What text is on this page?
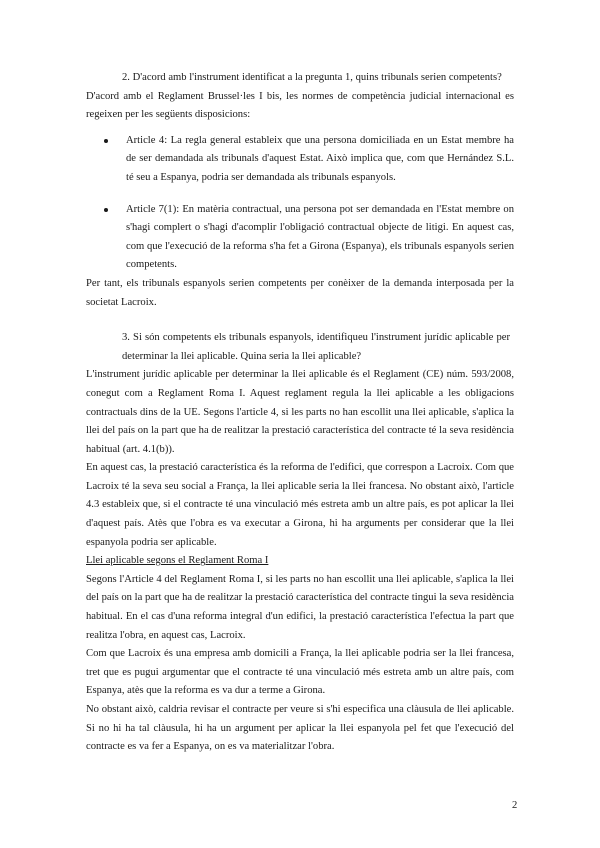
2. D'acord amb l'instrument identificat a la pregunta 1, quins tribunals serien competents?

D'acord amb el Reglament Brussel·les I bis, les normes de competència judicial internacional es regeixen per les següents disposicions:

Article 4: La regla general estableix que una persona domiciliada en un Estat membre ha de ser demandada als tribunals d'aquest Estat. Això implica que, com que Hernández S.L. té seu a Espanya, podria ser demandada als tribunals espanyols.
Article 7(1): En matèria contractual, una persona pot ser demandada en l'Estat membre on s'hagi complert o s'hagi d'acomplir l'obligació contractual objecte de litigi. En aquest cas, com que l'execució de la reforma s'ha fet a Girona (Espanya), els tribunals espanyols serien competents.

Per tant, els tribunals espanyols serien competents per conèixer de la demanda interposada per la societat Lacroix.

3. Si són competents els tribunals espanyols, identifiqueu l'instrument jurídic aplicable per determinar la llei aplicable. Quina seria la llei aplicable?

L'instrument jurídic aplicable per determinar la llei aplicable és el Reglament (CE) núm. 593/2008, conegut com a Reglament Roma I. Aquest reglament regula la llei aplicable a les obligacions contractuals dins de la UE. Segons l'article 4, si les parts no han escollit una llei aplicable, s'aplica la llei del país on la part que ha de realitzar la prestació característica del contracte té la seva residència habitual (art. 4.1(b)).

En aquest cas, la prestació característica és la reforma de l'edifici, que correspon a Lacroix. Com que Lacroix té la seva seu social a França, la llei aplicable seria la llei francesa. No obstant això, l'article 4.3 estableix que, si el contracte té una vinculació més estreta amb un altre país, es pot aplicar la llei d'aquest país. Atès que l'obra es va executar a Girona, hi ha arguments per considerar que la llei espanyola podria ser aplicable.

Llei aplicable segons el Reglament Roma I

Segons l'Article 4 del Reglament Roma I, si les parts no han escollit una llei aplicable, s'aplica la llei del país on la part que ha de realitzar la prestació característica del contracte tingui la seva residència habitual. En el cas d'una reforma integral d'un edifici, la prestació característica l'efectua la part que realitza l'obra, en aquest cas, Lacroix.

Com que Lacroix és una empresa amb domicili a França, la llei aplicable podria ser la llei francesa, tret que es pugui argumentar que el contracte té una vinculació més estreta amb un altre país, com Espanya, atès que la reforma es va dur a terme a Girona.

No obstant això, caldria revisar el contracte per veure si s'hi especifica una clàusula de llei aplicable. Si no hi ha tal clàusula, hi ha un argument per aplicar la llei espanyola pel fet que l'execució del contracte es va fer a Espanya, on es va materialitzar l'obra.

2
